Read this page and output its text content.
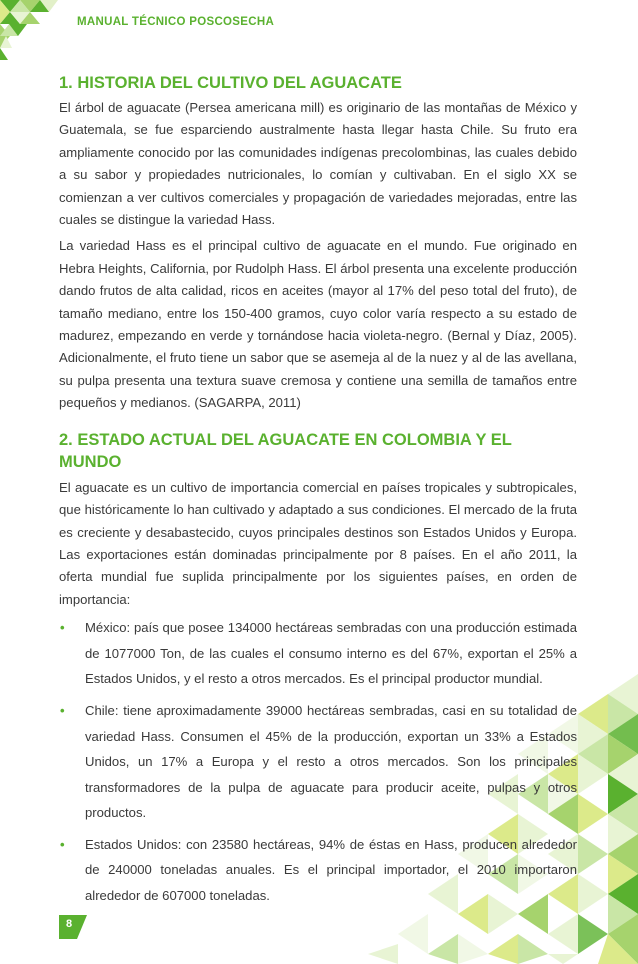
MANUAL TÉCNICO POSCOSECHA
1. HISTORIA DEL CULTIVO DEL AGUACATE

El árbol de aguacate (Persea americana mill) es originario de las montañas de México y Guatemala, se fue esparciendo australmente hasta llegar hasta Chile. Su fruto era ampliamente conocido por las comunidades indígenas precolombinas, las cuales debido a su sabor y propiedades nutricionales, lo comían y cultivaban. En el siglo XX se comienzan a ver cultivos comerciales y propagación de variedades mejoradas, entre las cuales se distingue la variedad Hass.

La variedad Hass es el principal cultivo de aguacate en el mundo. Fue originado en Hebra Heights, California, por Rudolph Hass. El árbol presenta una excelente producción dando frutos de alta calidad, ricos en aceites (mayor al 17% del peso total del fruto), de tamaño mediano, entre los 150-400 gramos, cuyo color varía respecto a su estado de madurez, empezando en verde y tornándose hacia violeta-negro. (Bernal y Díaz, 2005). Adicionalmente, el fruto tiene un sabor que se asemeja al de la nuez y al de las avellana, su pulpa presenta una textura suave cremosa y contiene una semilla de tamaños entre pequeños y medianos. (SAGARPA, 2011)

2. ESTADO ACTUAL DEL AGUACATE EN COLOMBIA Y EL MUNDO

El aguacate es un cultivo de importancia comercial en países tropicales y subtropicales, que históricamente lo han cultivado y adaptado a sus condiciones. El mercado de la fruta es creciente y desabastecido, cuyos principales destinos son Estados Unidos y Europa. Las exportaciones están dominadas principalmente por 8 países. En el año 2011, la oferta mundial fue suplida principalmente por los siguientes países, en orden de importancia:

• México: país que posee 134000 hectáreas sembradas con una producción estimada de 1077000 Ton, de las cuales el consumo interno es del 67%, exportan el 25% a Estados Unidos, y el resto a otros mercados. Es el principal productor mundial.
• Chile: tiene aproximadamente 39000 hectáreas sembradas, casi en su totalidad de variedad Hass. Consumen el 45% de la producción, exportan un 33% a Estados Unidos, un 17% a Europa y el resto a otros mercados. Son los principales transformadores de la pulpa de aguacate para producir aceite, pulpas y otros productos.
• Estados Unidos: con 23580 hectáreas, 94% de éstas en Hass, producen alrededor de 240000 toneladas anuales. Es el principal importador, el 2010 importaron alrededor de 607000 toneladas.
8
